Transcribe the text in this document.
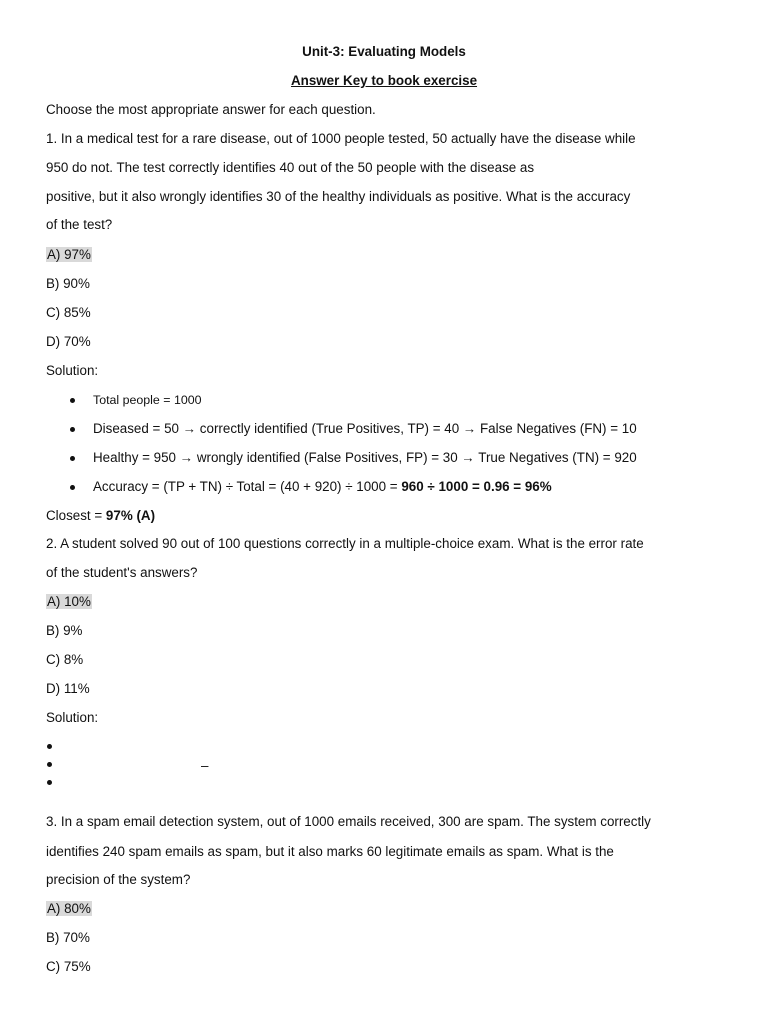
Unit-3: Evaluating Models
Answer Key to book exercise
Choose the most appropriate answer for each question.
1. In a medical test for a rare disease, out of 1000 people tested, 50 actually have the disease while
950 do not. The test correctly identifies 40 out of the 50 people with the disease as
positive, but it also wrongly identifies 30 of the healthy individuals as positive. What is the accuracy
of the test?
A) 97%
B) 90%
C) 85%
D) 70%
Solution:
Total people = 1000
Diseased = 50 → correctly identified (True Positives, TP) = 40 → False Negatives (FN) = 10
Healthy = 950 → wrongly identified (False Positives, FP) = 30 → True Negatives (TN) = 920
Accuracy = (TP + TN) ÷ Total = (40 + 920) ÷ 1000 = 960 ÷ 1000 = 0.96 = 96%
Closest = 97% (A)
2. A student solved 90 out of 100 questions correctly in a multiple-choice exam. What is the error rate
of the student's answers?
A) 10%
B) 9%
C) 8%
D) 11%
Solution:
–
3. In a spam email detection system, out of 1000 emails received, 300 are spam. The system correctly
identifies 240 spam emails as spam, but it also marks 60 legitimate emails as spam. What is the
precision of the system?
A) 80%
B) 70%
C) 75%
